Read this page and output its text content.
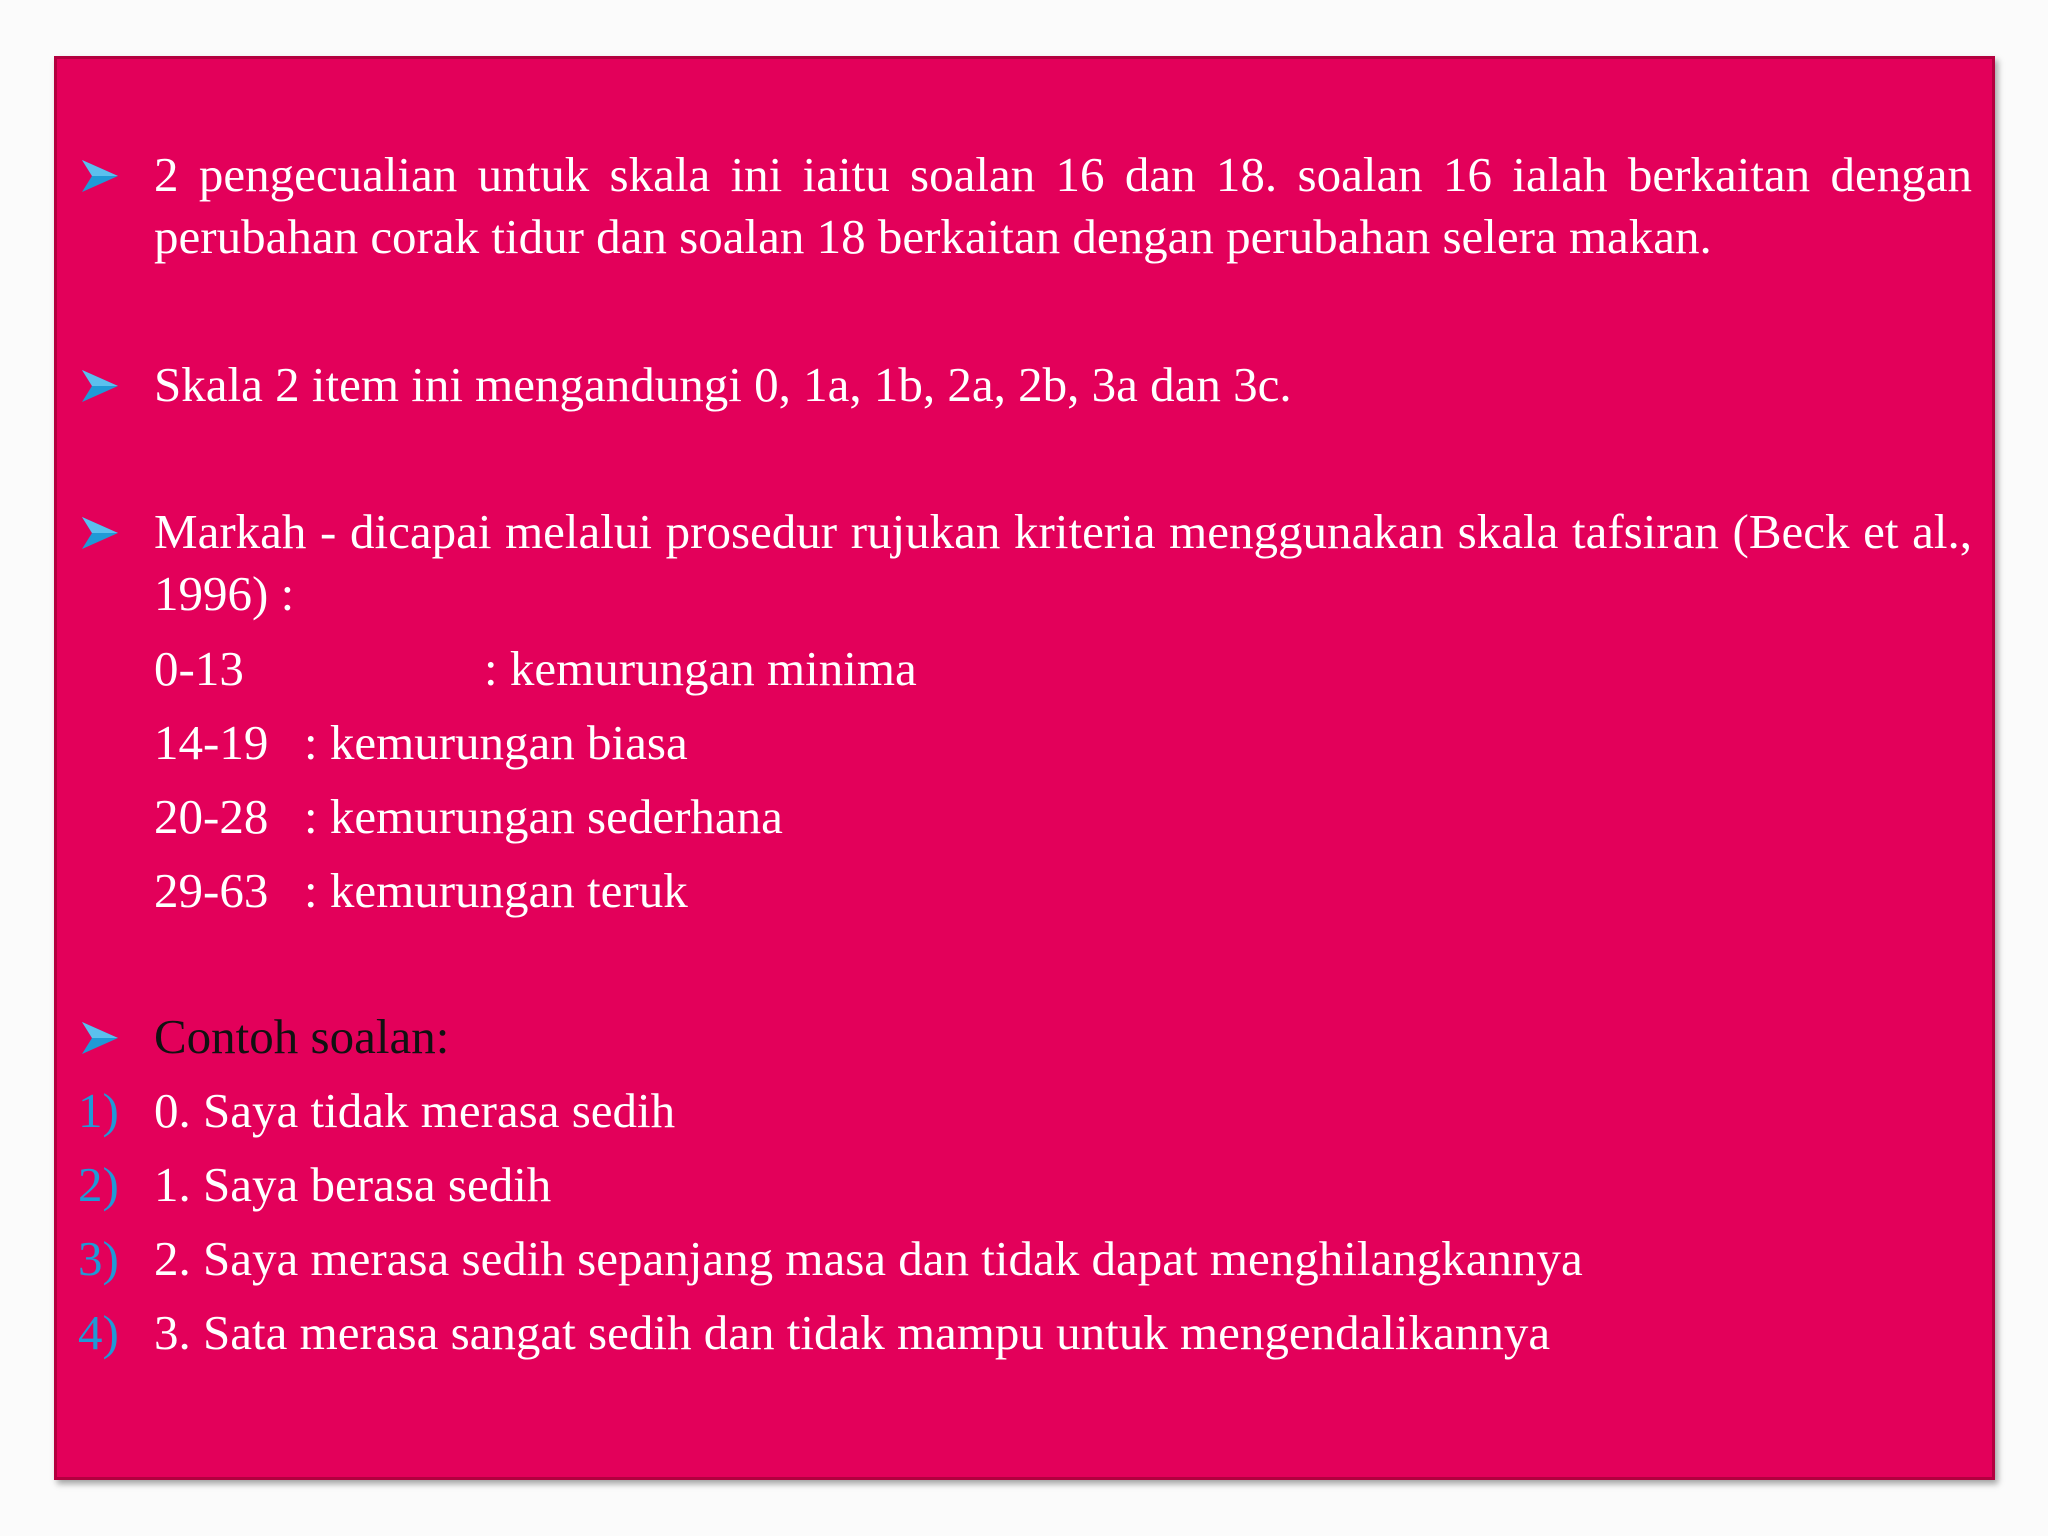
2 pengecualian untuk skala ini iaitu soalan 16 dan 18. soalan 16 ialah berkaitan dengan perubahan corak tidur dan soalan 18 berkaitan dengan perubahan selera makan.
Skala 2 item ini mengandungi 0, 1a, 1b, 2a, 2b, 3a dan 3c.
Markah - dicapai melalui prosedur rujukan kriteria menggunakan skala tafsiran (Beck et al., 1996) :
0-13	: kemurungan minima
14-19 : kemurungan biasa
20-28 : kemurungan sederhana
29-63 : kemurungan teruk
Contoh soalan:
1) 0. Saya tidak merasa sedih
2) 1. Saya berasa sedih
3) 2. Saya merasa sedih sepanjang masa dan tidak dapat menghilangkannya
4) 3. Sata merasa sangat sedih dan tidak mampu untuk mengendalikannya
